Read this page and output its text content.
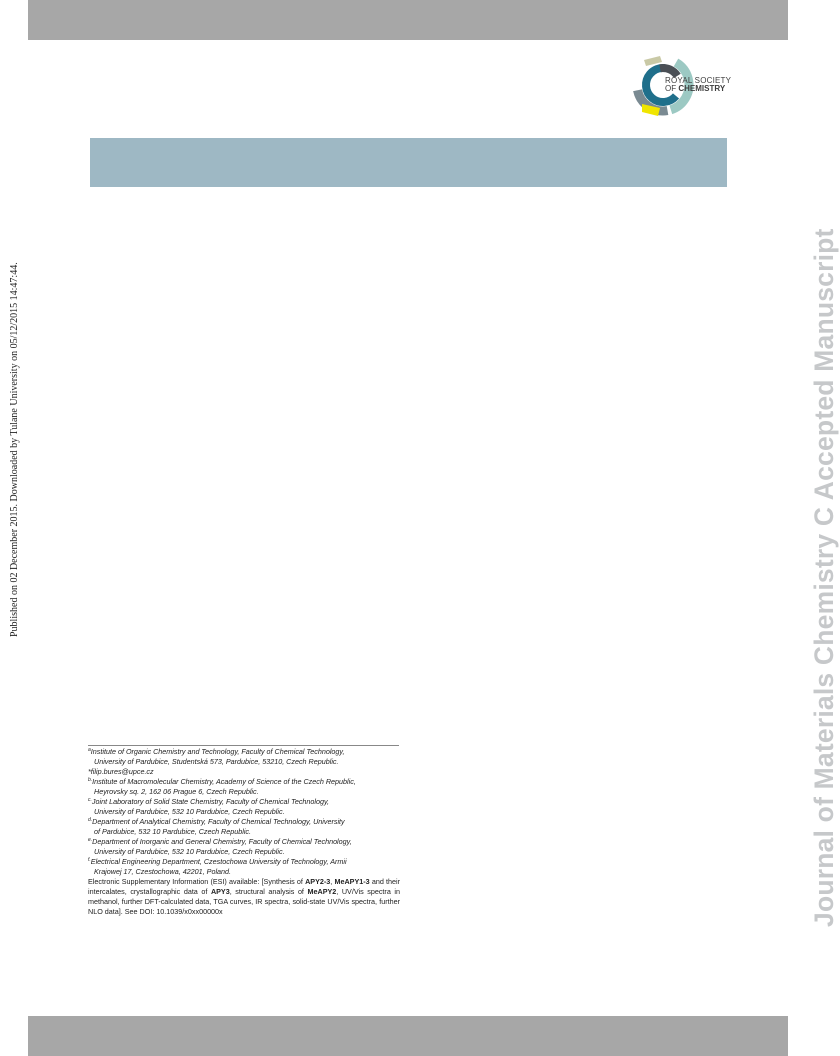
ROYAL SOCIETY
OF CHEMISTRY
Published on 02 December 2015. Downloaded by Tulane University on 05/12/2015 14:47:44.	Journal of Materials Chemistry C Accepted Manuscript

$^a$Institute of Organic Chemistry and Technology, Faculty of Chemical Technology,
University of Pardubice, Studentská 573, Pardubice, 53210, Czech Republic.

*filip.bures@upce.cz

$^{b.}$Institute of Macromolecular Chemistry, Academy of Science of the Czech Republic,
Heyrovsky sq. 2, 162 06 Prague 6, Czech Republic.

$^{c.}$Joint Laboratory of Solid State Chemistry, Faculty of Chemical Technology,
University of Pardubice, 532 10 Pardubice, Czech Republic.

$^{d.}$Department of Analytical Chemistry, Faculty of Chemical Technology, University
of Pardubice, 532 10 Pardubice, Czech Republic.

$^{e.}$Department of Inorganic and General Chemistry, Faculty of Chemical Technology,
University of Pardubice, 532 10 Pardubice, Czech Republic.

$^{f.}$Electrical Engineering Department, Czestochowa University of Technology, Armii
Krajowej 17, Czestochowa, 42201, Poland.

Electronic Supplementary Information (ESI) available: [Synthesis of APY2-3, MeAPY1-3 and their intercalates, crystallographic data of APY3, structural analysis of MeAPY2, UV/Vis spectra in methanol, further DFT-calculated data, TGA curves, IR spectra, solid-state UV/Vis spectra, further NLO data]. See DOI: 10.1039/x0xx00000x
